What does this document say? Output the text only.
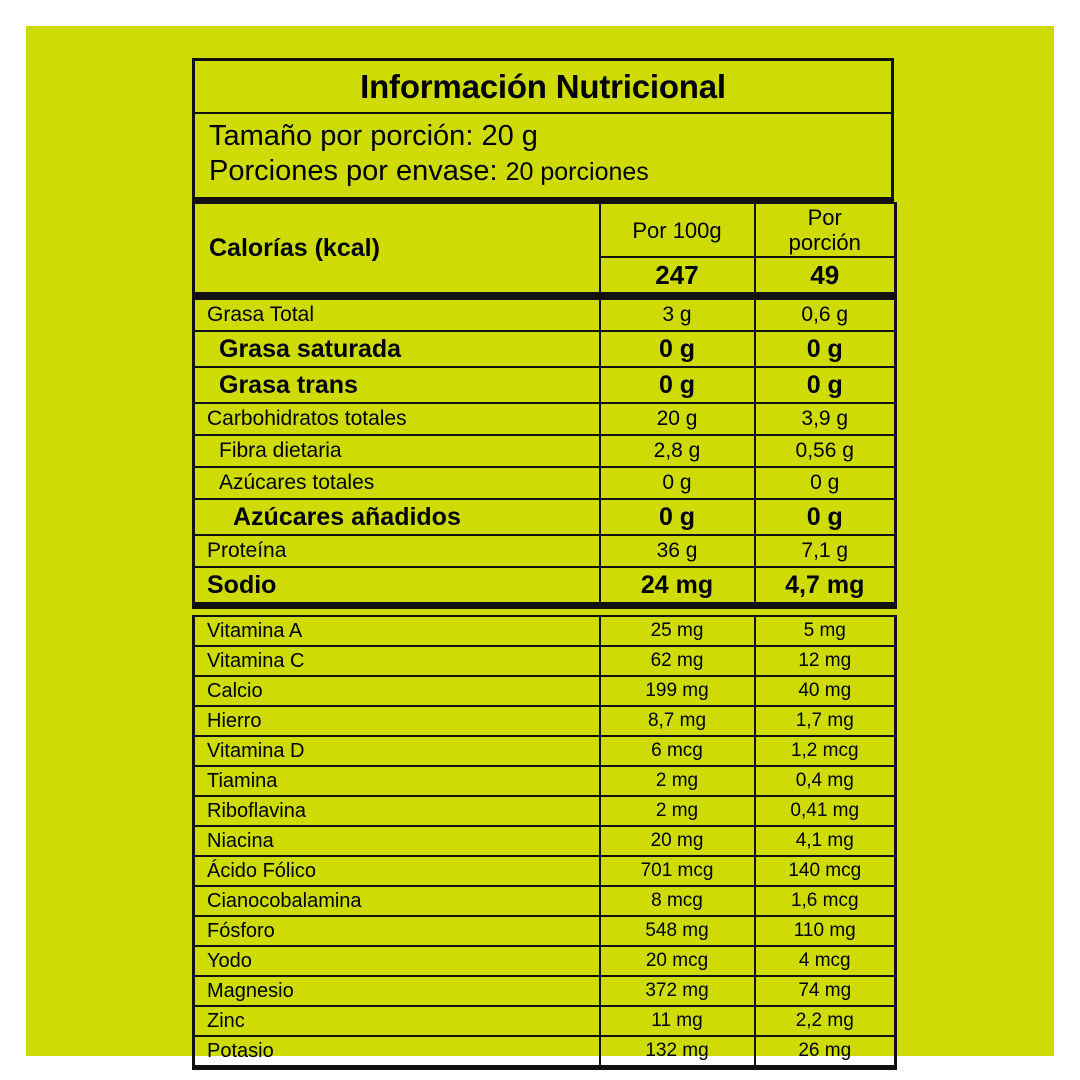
Información Nutricional
Tamaño por porción: 20 g
Porciones por envase: 20 porciones
Calorías (kcal)	Por 100g	Por
porción

	247	49
Grasa Total	3 g	0,6 g
Grasa saturada	0 g	0 g
Grasa trans	0 g	0 g
Carbohidratos totales	20 g	3,9 g
Fibra dietaria	2,8 g	0,56 g
Azúcares totales	0 g	0 g
Azúcares añadidos	0 g	0 g
Proteína	36 g	7,1 g
Sodio	24 mg	4,7 mg
Vitamina A	25 mg	5 mg
Vitamina C	62 mg	12 mg
Calcio	199 mg	40 mg
Hierro	8,7 mg	1,7 mg
Vitamina D	6 mcg	1,2 mcg
Tiamina	2 mg	0,4 mg
Riboflavina	2 mg	0,41 mg
Niacina	20 mg	4,1 mg
Ácido Fólico	701 mcg	140 mcg
Cianocobalamina	8 mcg	1,6 mcg
Fósforo	548 mg	110 mg
Yodo	20 mcg	4 mcg
Magnesio	372 mg	74 mg
Zinc	11 mg	2,2 mg
Potasio	132 mg	26 mg
